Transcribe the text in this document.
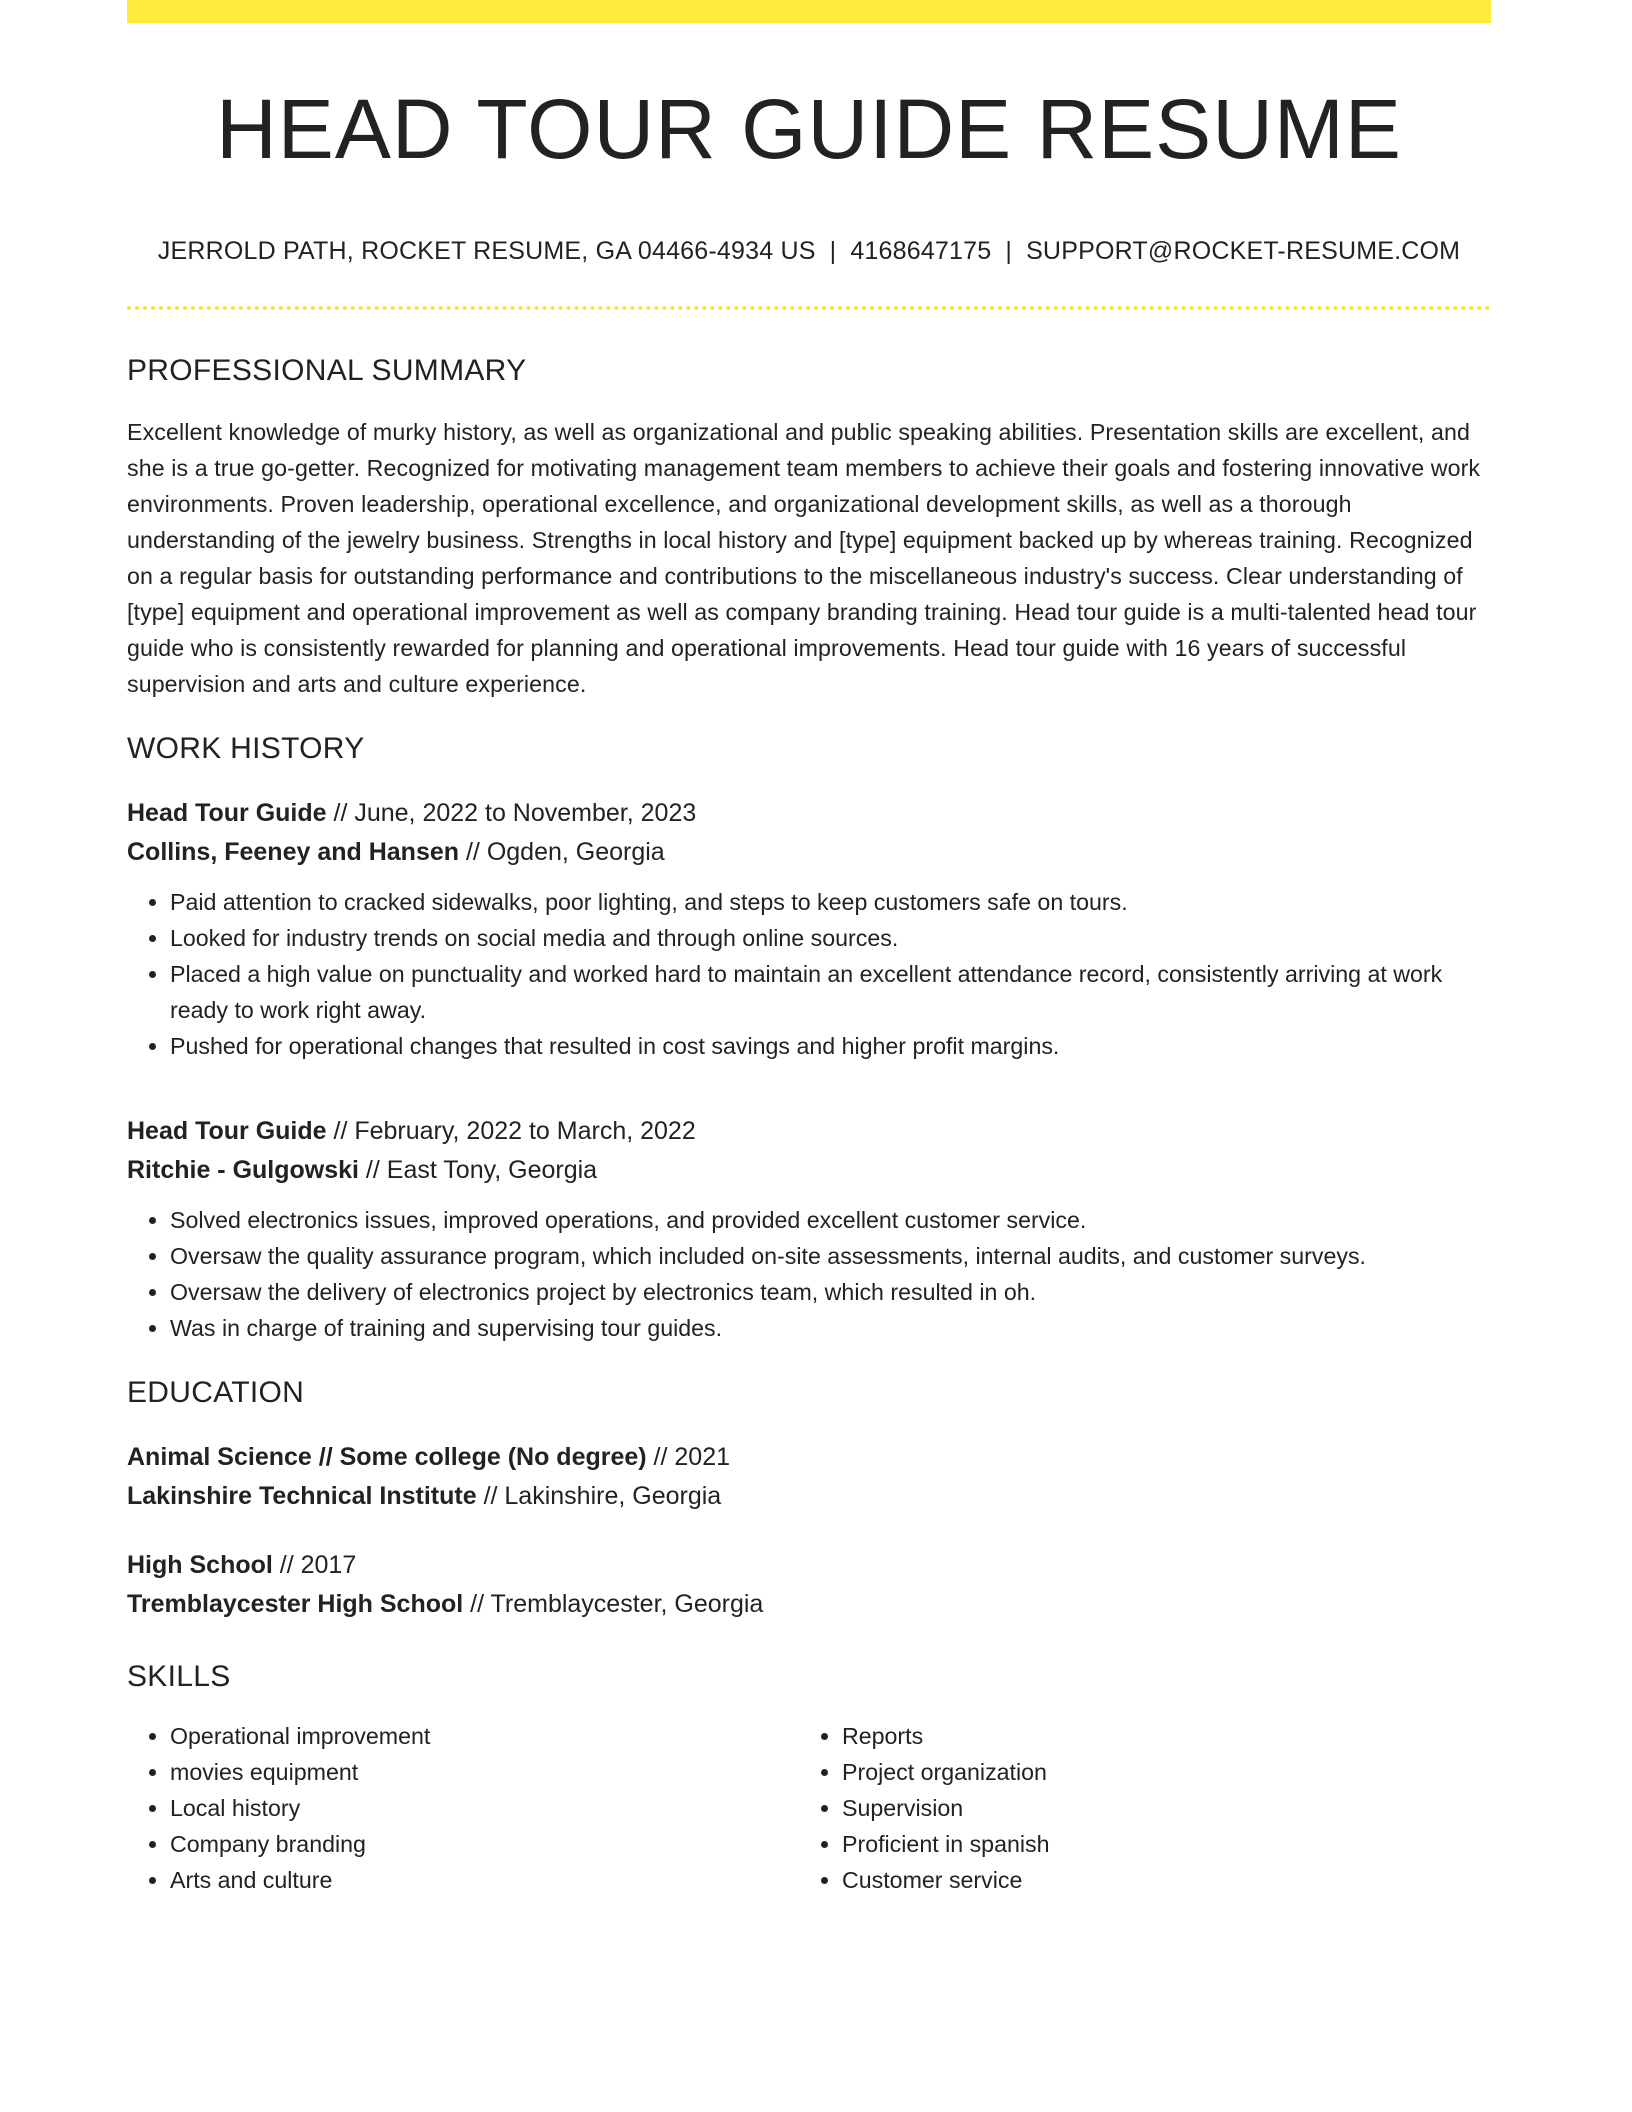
HEAD TOUR GUIDE RESUME
JERROLD PATH, ROCKET RESUME, GA 04466-4934 US | 4168647175 | SUPPORT@ROCKET-RESUME.COM
PROFESSIONAL SUMMARY

Excellent knowledge of murky history, as well as organizational and public speaking abilities. Presentation skills are excellent, and she is a true go-getter. Recognized for motivating management team members to achieve their goals and fostering innovative work environments. Proven leadership, operational excellence, and organizational development skills, as well as a thorough understanding of the jewelry business. Strengths in local history and [type] equipment backed up by whereas training. Recognized on a regular basis for outstanding performance and contributions to the miscellaneous industry's success. Clear understanding of [type] equipment and operational improvement as well as company branding training. Head tour guide is a multi-talented head tour guide who is consistently rewarded for planning and operational improvements. Head tour guide with 16 years of successful supervision and arts and culture experience.

WORK HISTORY
Head Tour Guide // June, 2022 to November, 2023
Collins, Feeney and Hansen // Ogden, Georgia
• Paid attention to cracked sidewalks, poor lighting, and steps to keep customers safe on tours.
• Looked for industry trends on social media and through online sources.
• Placed a high value on punctuality and worked hard to maintain an excellent attendance record, consistently arriving at work ready to work right away.
• Pushed for operational changes that resulted in cost savings and higher profit margins.
Head Tour Guide // February, 2022 to March, 2022
Ritchie - Gulgowski // East Tony, Georgia
• Solved electronics issues, improved operations, and provided excellent customer service.
• Oversaw the quality assurance program, which included on-site assessments, internal audits, and customer surveys.
• Oversaw the delivery of electronics project by electronics team, which resulted in oh.
• Was in charge of training and supervising tour guides.
EDUCATION
Animal Science // Some college (No degree) // 2021
Lakinshire Technical Institute // Lakinshire, Georgia
High School // 2017
Tremblaycester High School // Tremblaycester, Georgia
SKILLS
• Operational improvement
• movies equipment
• Local history
• Company branding
• Arts and culture
• Reports
• Project organization
• Supervision
• Proficient in spanish
• Customer service
